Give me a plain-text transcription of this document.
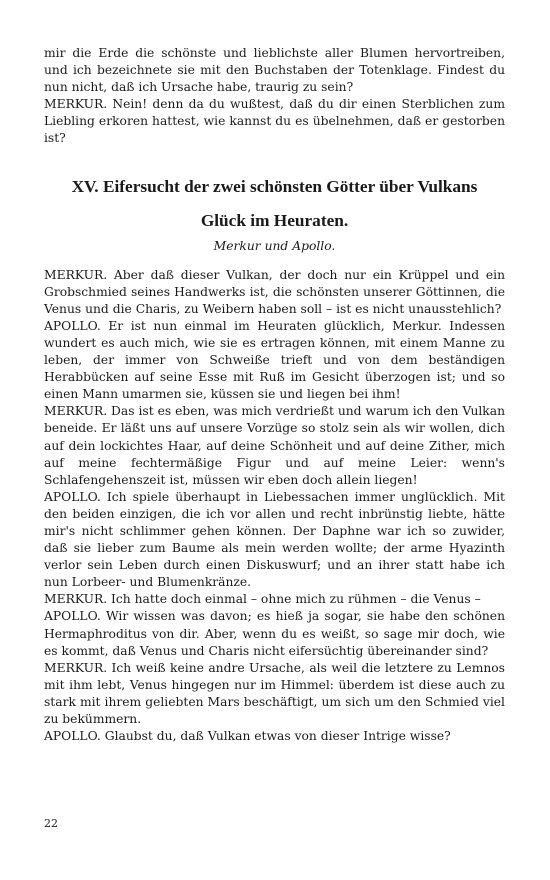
mir die Erde die schönste und lieblichste aller Blumen hervortreiben, und ich bezeichnete sie mit den Buchstaben der Totenklage. Findest du nun nicht, daß ich Ursache habe, traurig zu sein?

MERKUR. Nein! denn da du wußtest, daß du dir einen Sterblichen zum Liebling erkoren hattest, wie kannst du es übelnehmen, daß er gestorben ist?

XV. Eifersucht der zwei schönsten Götter über Vulkans
Glück im Heuraten.
Merkur und Apollo.

MERKUR. Aber daß dieser Vulkan, der doch nur ein Krüppel und ein Grobschmied seines Handwerks ist, die schönsten unserer Göttinnen, die Venus und die Charis, zu Weibern haben soll – ist es nicht unausstehlich?

APOLLO. Er ist nun einmal im Heuraten glücklich, Merkur. Indessen wundert es auch mich, wie sie es ertragen können, mit einem Manne zu leben, der immer von Schweiße trieft und von dem beständigen Herabbücken auf seine Esse mit Ruß im Gesicht überzogen ist; und so einen Mann umarmen sie, küssen sie und liegen bei ihm!

MERKUR. Das ist es eben, was mich verdrießt und warum ich den Vulkan beneide. Er läßt uns auf unsere Vorzüge so stolz sein als wir wollen, dich auf dein lockichtes Haar, auf deine Schönheit und auf deine Zither, mich auf meine fechtermäßige Figur und auf meine Leier: wenn's Schlafengehenszeit ist, müssen wir eben doch allein liegen!

APOLLO. Ich spiele überhaupt in Liebessachen immer unglücklich. Mit den beiden einzigen, die ich vor allen und recht inbrünstig liebte, hätte mir's nicht schlimmer gehen können. Der Daphne war ich so zuwider, daß sie lieber zum Baume als mein werden wollte; der arme Hyazinth verlor sein Leben durch einen Diskuswurf; und an ihrer statt habe ich nun Lorbeer- und Blumenkränze.

MERKUR. Ich hatte doch einmal – ohne mich zu rühmen – die Venus –

APOLLO. Wir wissen was davon; es hieß ja sogar, sie habe den schönen Hermaphroditus von dir. Aber, wenn du es weißt, so sage mir doch, wie es kommt, daß Venus und Charis nicht eifersüchtig übereinander sind?

MERKUR. Ich weiß keine andre Ursache, als weil die letztere zu Lemnos mit ihm lebt, Venus hingegen nur im Himmel: überdem ist diese auch zu stark mit ihrem geliebten Mars beschäftigt, um sich um den Schmied viel zu bekümmern.

APOLLO. Glaubst du, daß Vulkan etwas von dieser Intrige wisse?

22
